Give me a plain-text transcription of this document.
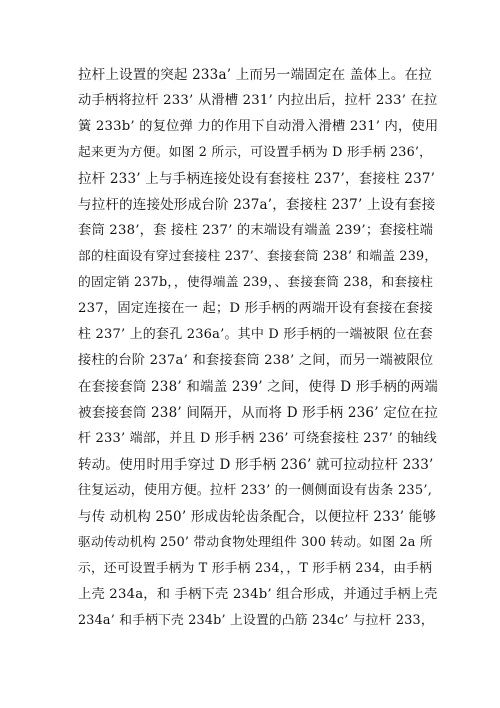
拉杆上设置的突起 233a’ 上而另一端固定在 盖体上。在拉
动手柄将拉杆 233’ 从滑槽 231’ 内拉出后，拉杆 233’ 在拉
簧 233b’ 的复位弹 力的作用下自动滑入滑槽 231’ 内，使用
起来更为方便。如图 2 所示，可设置手柄为 D 形手柄 236’，
拉杆 233’ 上与手柄连接处设有套接柱 237’，套接柱 237’
与拉杆的连接处形成台阶 237a’，套接柱 237’ 上设有套接
套筒 238’，套 接柱 237’ 的末端设有端盖 239’；套接柱端
部的柱面设有穿过套接柱 237’、套接套筒 238’ 和端盖 239，
的固定销 237b，，使得端盖 239，、套接套筒 238，和套接柱
237，固定连接在一 起；D 形手柄的两端开设有套接在套接
柱 237’ 上的套孔 236a’。其中 D 形手柄的一端被限 位在套
接柱的台阶 237a’ 和套接套筒 238’ 之间，而另一端被限位
在套接套筒 238’ 和端盖 239’ 之间，使得 D 形手柄的两端
被套接套筒 238’ 间隔开，从而将 D 形手柄 236’ 定位在拉
杆 233’ 端部，并且 D 形手柄 236’ 可绕套接柱 237’ 的轴线
转动。使用时用手穿过 D 形手柄 236’ 就可拉动拉杆 233’
往复运动，使用方便。拉杆 233’ 的一侧侧面设有齿条 235’,
与传 动机构 250’ 形成齿轮齿条配合，以便拉杆 233’ 能够
驱动传动机构 250’ 带动食物处理组件 300 转动。如图 2a 所
示，还可设置手柄为 T 形手柄 234，，T 形手柄 234，由手柄
上壳 234a，和 手柄下壳 234b’ 组合形成，并通过手柄上壳
234a’ 和手柄下壳 234b’ 上设置的凸筋 234c’ 与拉杆 233，
